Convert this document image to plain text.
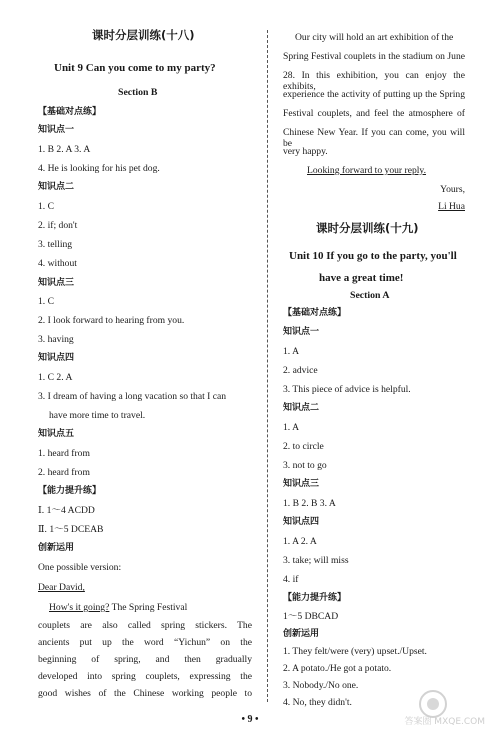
课时分层训练(十八)
Unit 9 Can you come to my party?
Section B
【基础对点练】
知识点一
1. B 2. A 3. A
4. He is looking for his pet dog.
知识点二
1. C
2. if; don't
3. telling
4. without
知识点三
1. C
2. I look forward to hearing from you.
3. having
知识点四
1. C 2. A
3. I dream of having a long vacation so that I can
have more time to travel.
知识点五
1. heard from
2. heard from
【能力提升练】
Ⅰ. 1～4 ACDD
Ⅱ. 1～5 DCEAB
创新运用
One possible version:
Dear David,
How's it going? The Spring Festival
couplets are also called spring stickers. The
ancients put up the word “Yichun” on the
beginning of spring, and then gradually
developed into spring couplets, expressing the
good wishes of the Chinese working people to
Our city will hold an art exhibition of the
Spring Festival couplets in the stadium on June
28. In this exhibition, you can enjoy the exhibits,
experience the activity of putting up the Spring
Festival couplets, and feel the atmosphere of
Chinese New Year. If you can come, you will be
very happy.
Looking forward to your reply.
Yours,
Li Hua
课时分层训练(十九)
Unit 10 If you go to the party, you'll
have a great time!
Section A
【基础对点练】
知识点一
1. A
2. advice
3. This piece of advice is helpful.
知识点二
1. A
2. to circle
3. not to go
知识点三
1. B 2. B 3. A
知识点四
1. A 2. A
3. take; will miss
4. if
【能力提升练】
1～5 DBCAD
创新运用
1. They felt/were (very) upset./Upset.
2. A potato./He got a potato.
3. Nobody./No one.
4. No, they didn't.
• 9 •	答案圈 MXQE.COM
